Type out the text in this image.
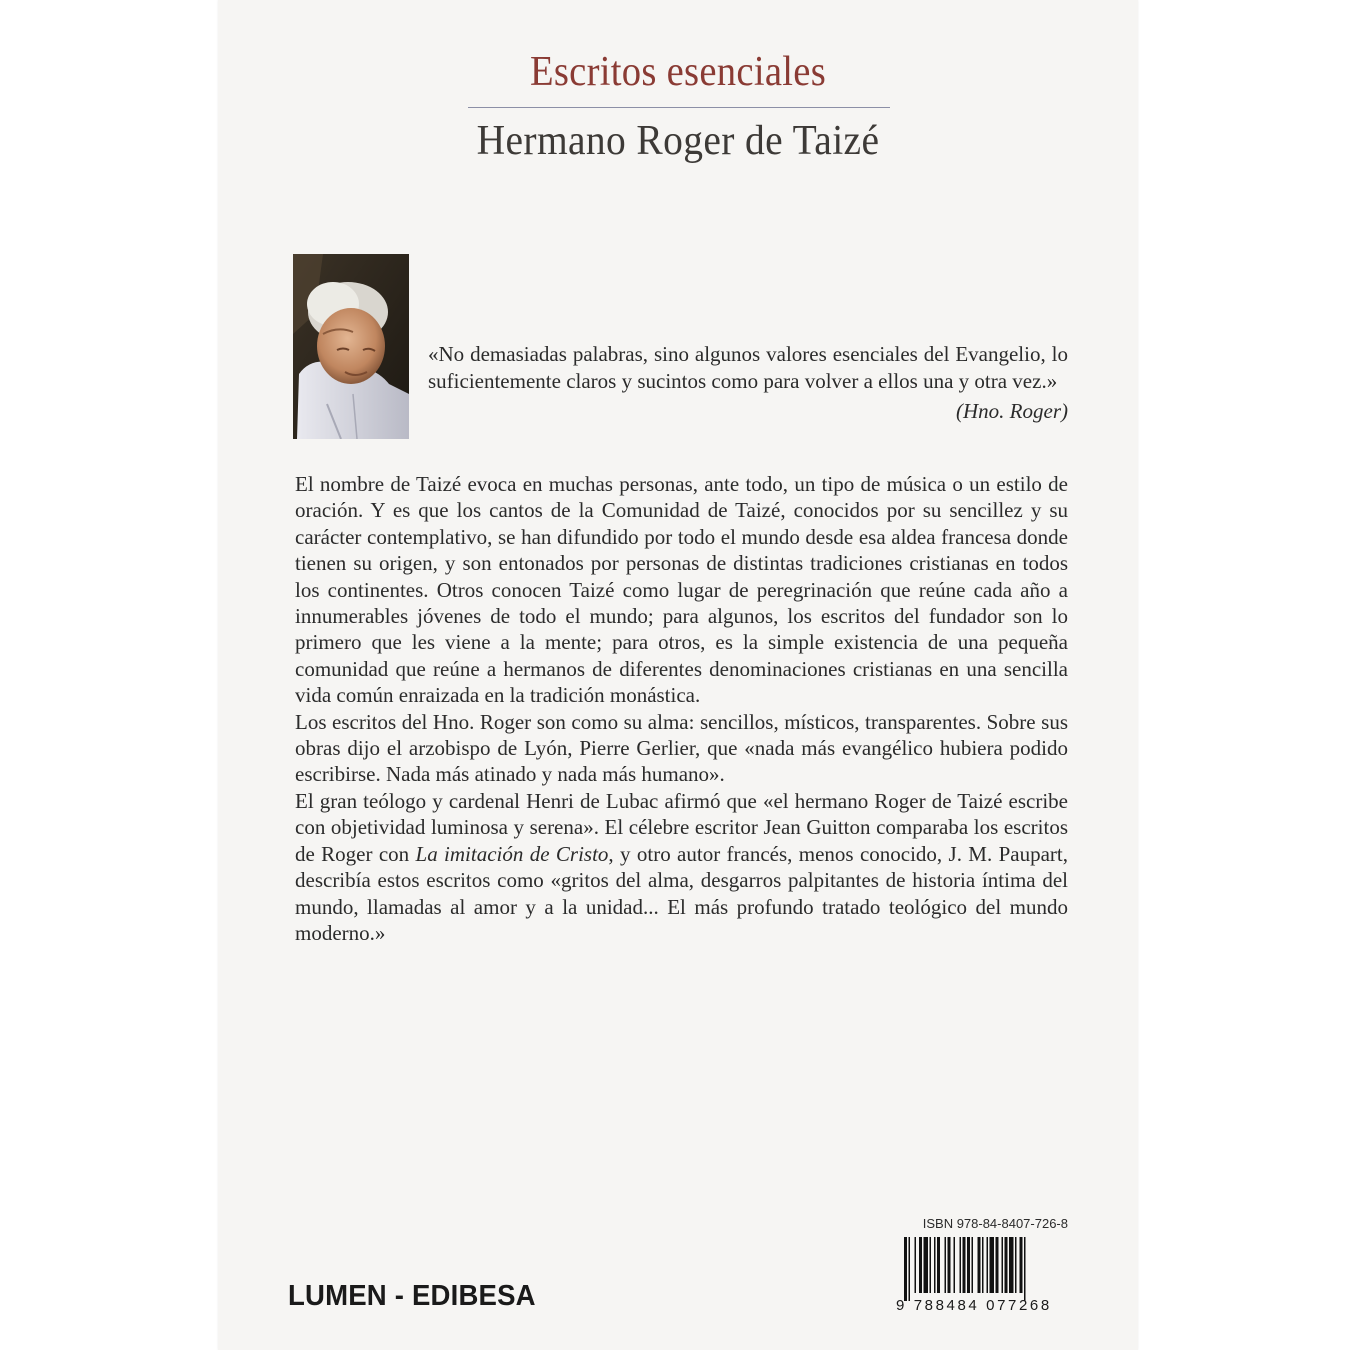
Escritos esenciales
Hermano Roger de Taizé

«No demasiadas palabras, sino algunos valores esenciales del Evangelio, lo suficientemente claros y sucintos como para volver a ellos una y otra vez.»

(Hno. Roger)

El nombre de Taizé evoca en muchas personas, ante todo, un tipo de música o un estilo de oración. Y es que los cantos de la Comunidad de Taizé, conocidos por su sencillez y su carácter contemplativo, se han difundido por todo el mundo desde esa aldea francesa donde tienen su origen, y son entonados por personas de distintas tradiciones cristianas en todos los continentes. Otros conocen Taizé como lugar de peregrinación que reúne cada año a innumerables jóvenes de todo el mundo; para algunos, los escritos del fundador son lo primero que les viene a la mente; para otros, es la simple existencia de una pequeña comunidad que reúne a hermanos de diferentes denominaciones cristianas en una sencilla vida común enraizada en la tradición monástica.

Los escritos del Hno. Roger son como su alma: sencillos, místicos, transparentes. Sobre sus obras dijo el arzobispo de Lyón, Pierre Gerlier, que «nada más evangélico hubiera podido escribirse. Nada más atinado y nada más humano».

El gran teólogo y cardenal Henri de Lubac afirmó que «el hermano Roger de Taizé escribe con objetividad luminosa y serena». El célebre escritor Jean Guitton comparaba los escritos de Roger con La imitación de Cristo, y otro autor francés, menos conocido, J. M. Paupart, describía estos escritos como «gritos del alma, desgarros palpitantes de historia íntima del mundo, llamadas al amor y a la unidad... El más profundo tratado teológico del mundo moderno.»

LUMEN - EDIBESA
ISBN 978-84-8407-726-8
9 788484 077268
